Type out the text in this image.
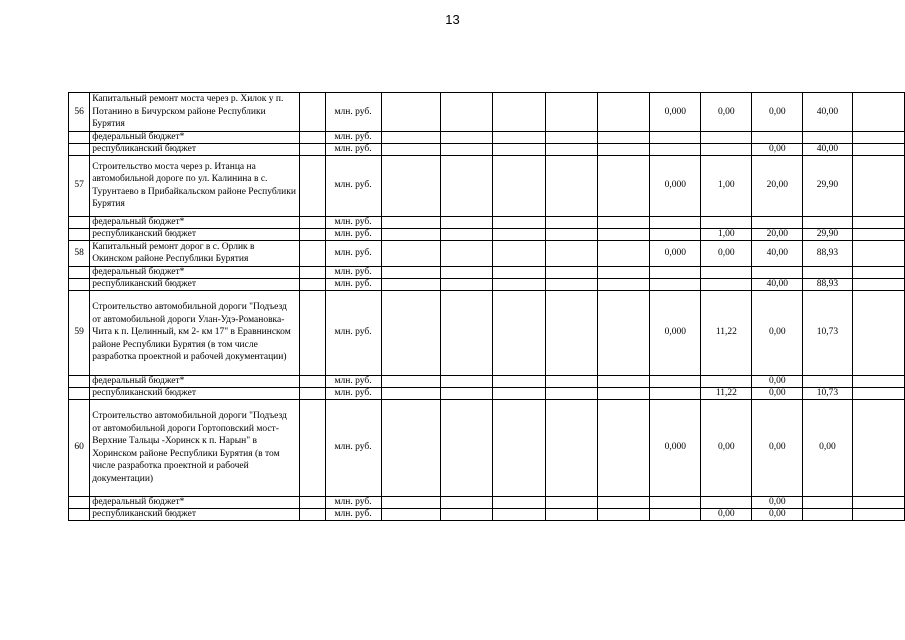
13
56	Капитальный ремонт моста через р. Хилок у п. Потанино в Бичурском районе Республики Бурятия		млн. руб.						0,000	0,00	0,00	40,00	
	федеральный бюджет*		млн. руб.										
	республиканский бюджет		млн. руб.								0,00	40,00	
57	Строительство моста через р. Итанца на автомобильной дороге по ул. Калинина в с. Турунтаево в Прибайкальском районе Республики Бурятия		млн. руб.						0,000	1,00	20,00	29,90	
	федеральный бюджет*		млн. руб.										
	республиканский бюджет		млн. руб.							1,00	20,00	29,90	
58	Капитальный ремонт дорог в с. Орлик в Окинском районе Республики Бурятия		млн. руб.						0,000	0,00	40,00	88,93	
	федеральный бюджет*		млн. руб.										
	республиканский бюджет		млн. руб.								40,00	88,93	
59	Строительство автомобильной дороги "Подъезд от автомобильной дороги Улан-Удэ-Романовка-Чита к п. Целинный, км 2- км 17" в Еравнинском районе Республики Бурятия (в том числе разработка проектной и рабочей документации)		млн. руб.						0,000	11,22	0,00	10,73	
	федеральный бюджет*		млн. руб.								0,00		
	республиканский бюджет		млн. руб.							11,22	0,00	10,73	
60	Строительство автомобильной дороги "Подъезд от автомобильной дороги Гортоповский мост-Верхние Тальцы -Хоринск к п. Нарын" в Хоринском районе Республики Бурятия (в том числе разработка проектной и рабочей документации)		млн. руб.						0,000	0,00	0,00	0,00	
	федеральный бюджет*		млн. руб.								0,00		
	республиканский бюджет		млн. руб.							0,00	0,00		
